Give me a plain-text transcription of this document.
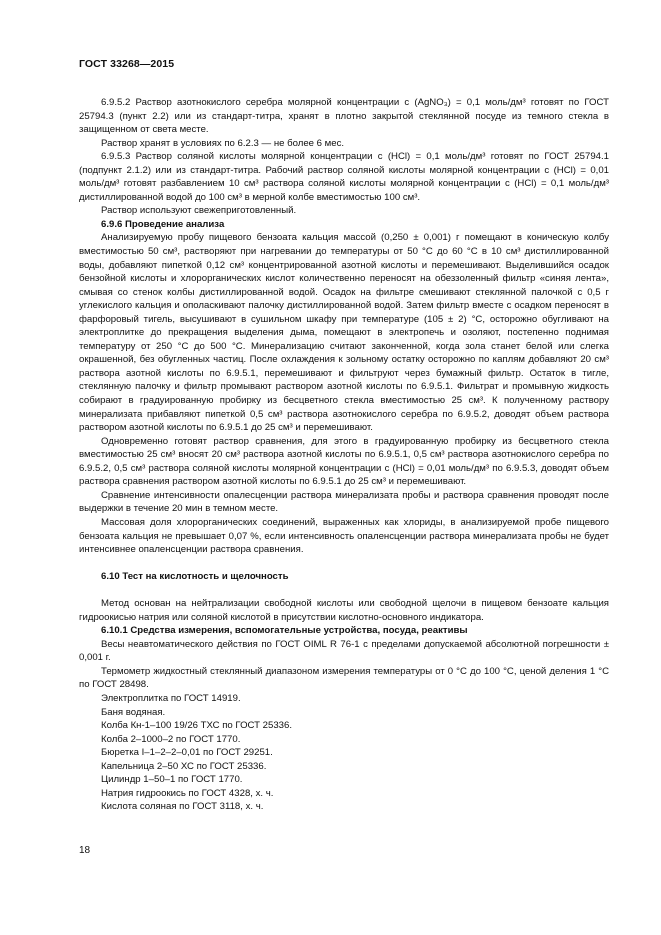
ГОСТ 33268—2015

6.9.5.2 Раствор азотнокислого серебра молярной концентрации c (AgNO₃) = 0,1 моль/дм³ готовят по ГОСТ 25794.3 (пункт 2.2) или из стандарт-титра, хранят в плотно закрытой стеклянной посуде из темного стекла в защищенном от света месте.

Раствор хранят в условиях по 6.2.3 — не более 6 мес.

6.9.5.3 Раствор соляной кислоты молярной концентрации c (HCl) = 0,1 моль/дм³ готовят по ГОСТ 25794.1 (подпункт 2.1.2) или из стандарт-титра. Рабочий раствор соляной кислоты молярной концентрации c (HCl) = 0,01 моль/дм³ готовят разбавлением 10 см³ раствора соляной кислоты молярной концентрации c (HCl) = 0,1 моль/дм³ дистиллированной водой до 100 см³ в мерной колбе вместимостью 100 см³.

Раствор используют свежеприготовленный.

6.9.6 Проведение анализа

Анализируемую пробу пищевого бензоата кальция массой (0,250 ± 0,001) г помещают в коническую колбу вместимостью 50 см³, растворяют при нагревании до температуры от 50 °С до 60 °С в 10 см³ дистиллированной воды, добавляют пипеткой 0,12 см³ концентрированной азотной кислоты и перемешивают. Выделившийся осадок бензойной кислоты и хлорорганических кислот количественно переносят на обеззоленный фильтр «синяя лента», смывая со стенок колбы дистиллированной водой. Осадок на фильтре смешивают стеклянной палочкой с 0,5 г углекислого кальция и ополаскивают палочку дистиллированной водой. Затем фильтр вместе с осадком переносят в фарфоровый тигель, высушивают в сушильном шкафу при температуре (105 ± 2) °С, осторожно обугливают на электроплитке до прекращения выделения дыма, помещают в электропечь и озоляют, постепенно поднимая температуру от 250 °С до 500 °С. Минерализацию считают законченной, когда зола станет белой или слегка окрашенной, без обугленных частиц. После охлаждения к зольному остатку осторожно по каплям добавляют 20 см³ раствора азотной кислоты по 6.9.5.1, перемешивают и фильтруют через бумажный фильтр. Остаток в тигле, стеклянную палочку и фильтр промывают раствором азотной кислоты по 6.9.5.1. Фильтрат и промывную жидкость собирают в градуированную пробирку из бесцветного стекла вместимостью 25 см³. К полученному раствору минерализата прибавляют пипеткой 0,5 см³ раствора азотнокислого серебра по 6.9.5.2, доводят объем раствора раствором азотной кислоты по 6.9.5.1 до 25 см³ и перемешивают.

Одновременно готовят раствор сравнения, для этого в градуированную пробирку из бесцветного стекла вместимостью 25 см³ вносят 20 см³ раствора азотной кислоты по 6.9.5.1, 0,5 см³ раствора азотнокислого серебра по 6.9.5.2, 0,5 см³ раствора соляной кислоты молярной концентрации c (HCl) = 0,01 моль/дм³ по 6.9.5.3, доводят объем раствора сравнения раствором азотной кислоты по 6.9.5.1 до 25 см³ и перемешивают.

Сравнение интенсивности опалесценции раствора минерализата пробы и раствора сравнения проводят после выдержки в течение 20 мин в темном месте.

Массовая доля хлорорганических соединений, выраженных как хлориды, в анализируемой пробе пищевого бензоата кальция не превышает 0,07 %, если интенсивность опаленсценции раствора минерализата пробы не будет интенсивнее опаленсценции раствора сравнения.

6.10 Тест на кислотность и щелочность

Метод основан на нейтрализации свободной кислоты или свободной щелочи в пищевом бензоате кальция гидроокисью натрия или соляной кислотой в присутствии кислотно-основного индикатора.

6.10.1 Средства измерения, вспомогательные устройства, посуда, реактивы

Весы неавтоматического действия по ГОСТ OIML R 76-1 с пределами допускаемой абсолютной погрешности ± 0,001 г.

Термометр жидкостный стеклянный диапазоном измерения температуры от 0 °С до 100 °С, ценой деления 1 °С по ГОСТ 28498.

Электроплитка по ГОСТ 14919.
Баня водяная.
Колба Кн-1–100 19/26 ТХС по ГОСТ 25336.
Колба 2–1000–2 по ГОСТ 1770.
Бюретка I–1–2–2–0,01 по ГОСТ 29251.
Капельница 2–50 ХС по ГОСТ 25336.
Цилиндр 1–50–1 по ГОСТ 1770.
Натрия гидроокись по ГОСТ 4328, х. ч.
Кислота соляная по ГОСТ 3118, х. ч.
18
